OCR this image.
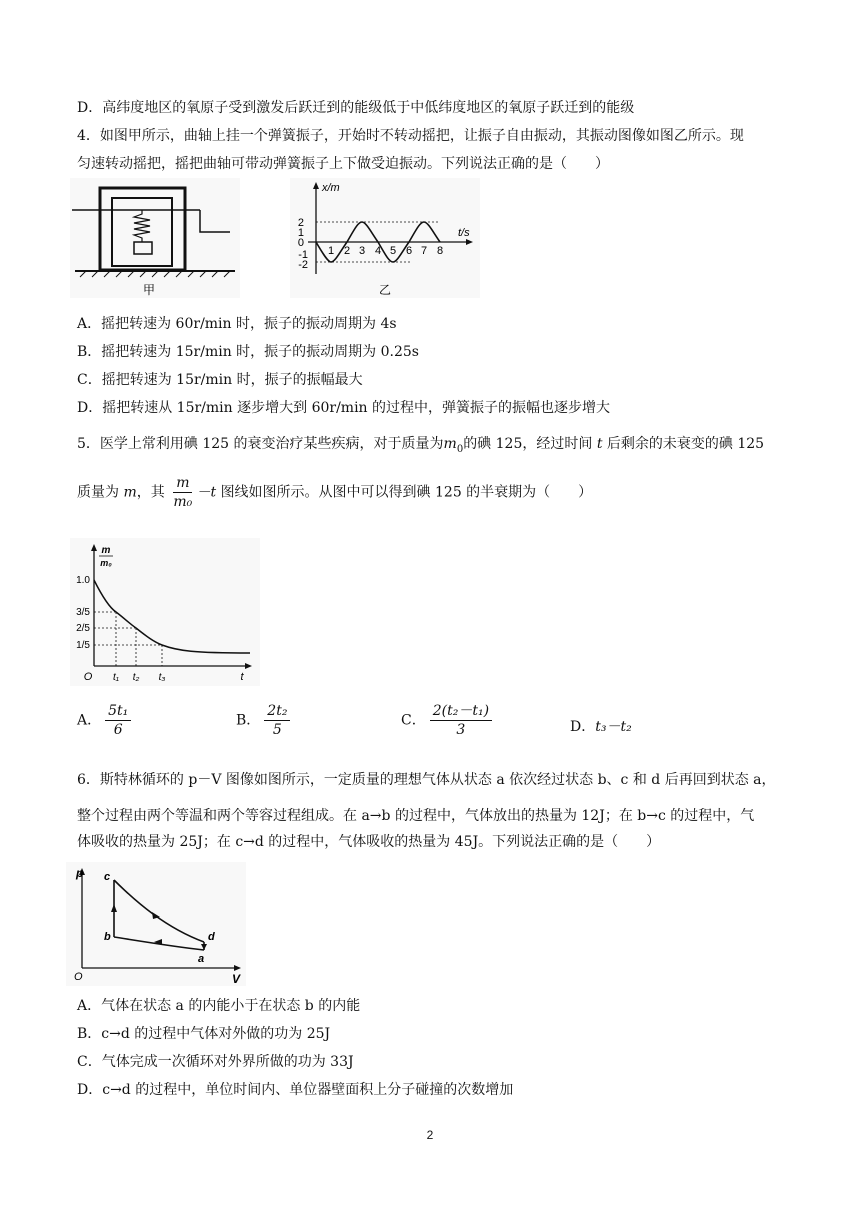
D．高纬度地区的氧原子受到激发后跃迁到的能级低于中低纬度地区的氧原子跃迁到的能级
4．如图甲所示，曲轴上挂一个弹簧振子，开始时不转动摇把，让振子自由振动，其振动图像如图乙所示。现
匀速转动摇把，摇把曲轴可带动弹簧振子上下做受迫振动。下列说法正确的是（　　）
甲
x/m
t/s
2
1
0
-1
-2
1 2 3 4 5 6 7 8
乙
A．摇把转速为 60r/min 时，振子的振动周期为 4s
B．摇把转速为 15r/min 时，振子的振动周期为 0.25s
C．摇把转速为 15r/min 时，振子的振幅最大
D．摇把转速从 15r/min 逐步增大到 60r/min 的过程中，弹簧振子的振幅也逐步增大
5．医学上常利用碘 125 的衰变治疗某些疾病，对于质量为$m_0$的碘 125，经过时间 t 后剩余的未衰变的碘 125
质量为 m，其 $\frac{m}{\text{m₀}} -t$ 图线如图所示。从图中可以得到碘 125 的半衰期为（　　）
m
m₀
1.0
3/5
2/5
1/5
O t₁ t₂ t₃	t
A． $\frac{\text{5t₁}}{6}$	B． $\frac{\text{2t₂}}{5}$	C． $\frac{\text{2(t₂－t₁)}}{3}$	D．t₃－t₂
6．斯特林循环的 p－V 图像如图所示，一定质量的理想气体从状态 a 依次经过状态 b、c 和 d 后再回到状态 a，
整个过程由两个等温和两个等容过程组成。在 a→b 的过程中，气体放出的热量为 12J；在 b→c 的过程中，气
体吸收的热量为 25J；在 c→d 的过程中，气体吸收的热量为 45J。下列说法正确的是（　　）
p
V
O
c
b	d
a
A．气体在状态 a 的内能小于在状态 b 的内能
B．c→d 的过程中气体对外做的功为 25J
C．气体完成一次循环对外界所做的功为 33J
D．c→d 的过程中，单位时间内、单位器壁面积上分子碰撞的次数增加
2
